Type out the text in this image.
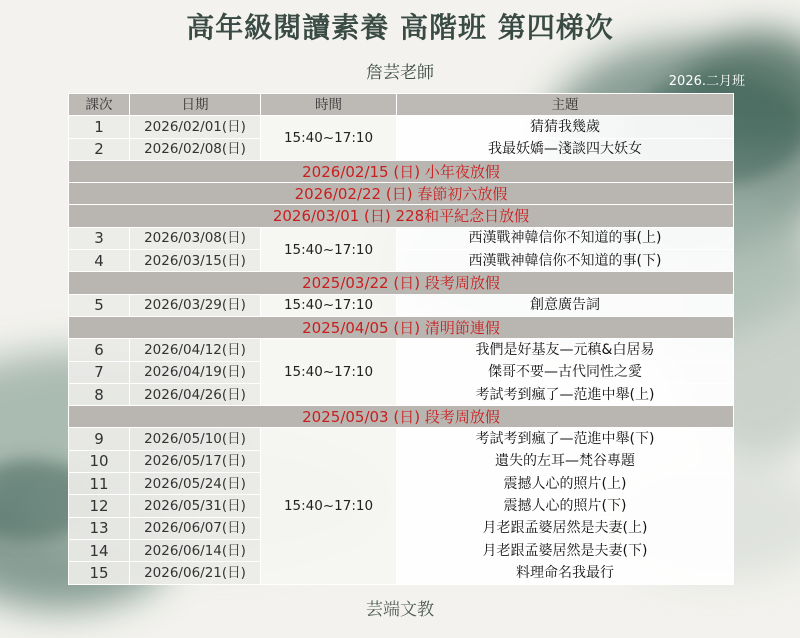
高年級閱讀素養 高階班 第四梯次
詹芸老師	2026.二月班
課次	日期	時間	主題
1	2026/02/01(日)	15:40~17:10	猜猜我幾歲
2	2026/02/08(日)		我最妖嬌—淺談四大妖女
2026/02/15 (日) 小年夜放假			
2026/02/22 (日) 春節初六放假			
2026/03/01 (日) 228和平紀念日放假			
3	2026/03/08(日)	15:40~17:10	西漢戰神韓信你不知道的事(上)
4	2026/03/15(日)		西漢戰神韓信你不知道的事(下)
2025/03/22 (日) 段考周放假			
5	2026/03/29(日)	15:40~17:10	創意廣告詞
2025/04/05 (日) 清明節連假			
6	2026/04/12(日)	15:40~17:10	我們是好基友—元稹&白居易
7	2026/04/19(日)		傑哥不要—古代同性之愛
8	2026/04/26(日)		考試考到瘋了—范進中舉(上)
2025/05/03 (日) 段考周放假			
9	2026/05/10(日)	15:40~17:10	考試考到瘋了—范進中舉(下)
10	2026/05/17(日)		遺失的左耳—梵谷專題
11	2026/05/24(日)		震撼人心的照片(上)
12	2026/05/31(日)		震撼人心的照片(下)
13	2026/06/07(日)		月老跟孟婆居然是夫妻(上)
14	2026/06/14(日)		月老跟孟婆居然是夫妻(下)
15	2026/06/21(日)		料理命名我最行
芸端文教
